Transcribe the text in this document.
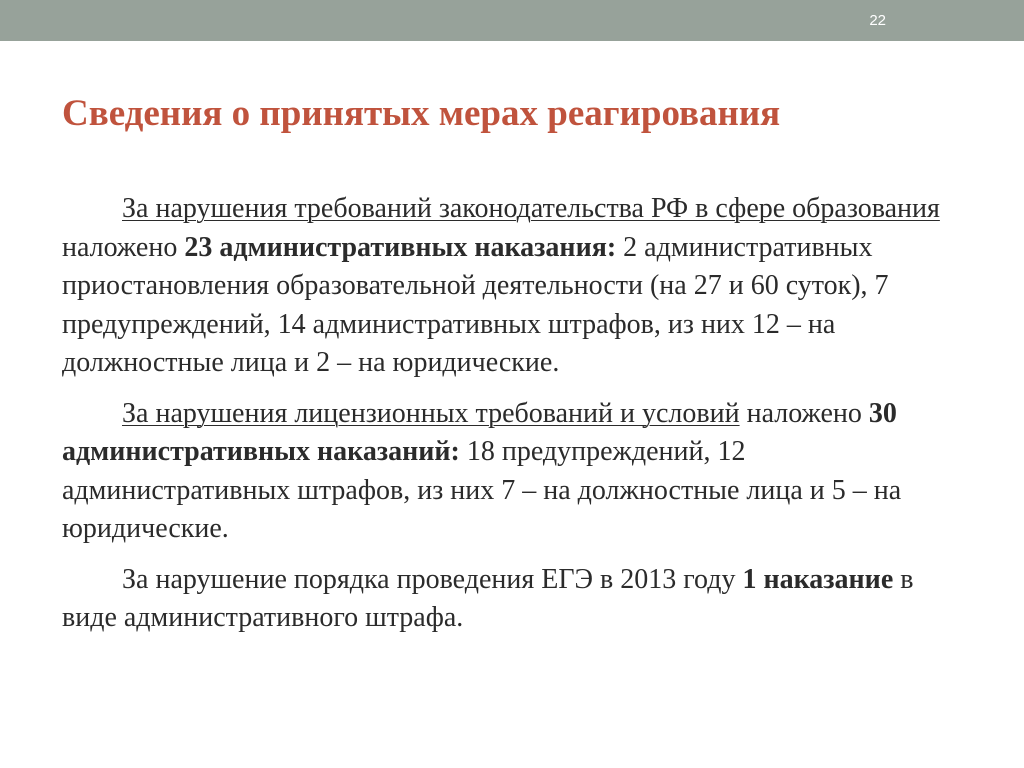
22
Сведения о принятых мерах реагирования

За нарушения требований законодательства РФ в сфере образования наложено 23 административных наказания: 2 административных приостановления образовательной деятельности (на 27 и 60 суток), 7 предупреждений, 14 административных штрафов, из них 12 – на должностные лица и 2 – на юридические.

За нарушения лицензионных требований и условий наложено 30 административных наказаний: 18 предупреждений, 12 административных штрафов, из них 7 – на должностные лица и 5 – на юридические.

За нарушение порядка проведения ЕГЭ в 2013 году 1 наказание в виде административного штрафа.
